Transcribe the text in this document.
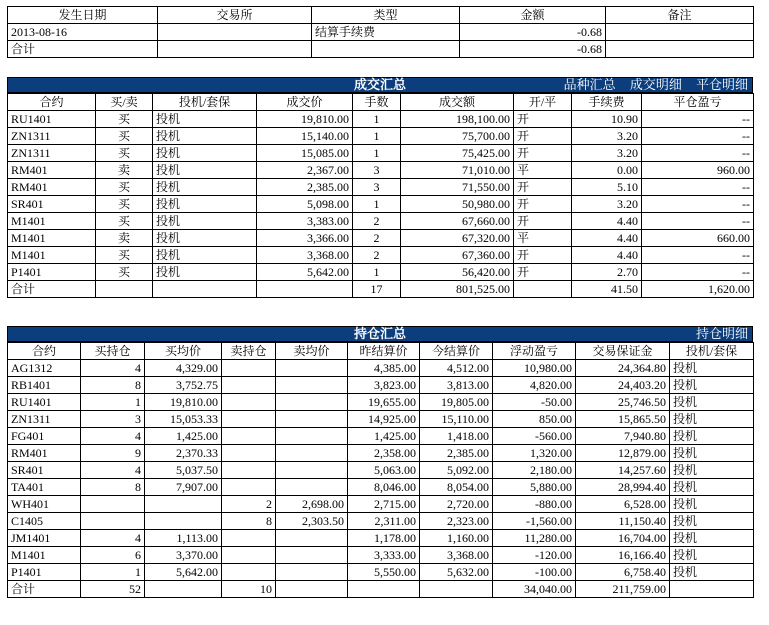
发生日期	交易所	类型	金额	备注
2013-08-16		结算手续费	-0.68	
合计			-0.68	
成交汇总	品种汇总 成交明细 平仓明细
合约	买/卖	投机/套保	成交价	手数	成交额	开/平	手续费	平仓盈亏
RU1401	买	投机	19,810.00	1	198,100.00	开	10.90	--
ZN1311	买	投机	15,140.00	1	75,700.00	开	3.20	--
ZN1311	买	投机	15,085.00	1	75,425.00	开	3.20	--
RM401	卖	投机	2,367.00	3	71,010.00	平	0.00	960.00
RM401	买	投机	2,385.00	3	71,550.00	开	5.10	--
SR401	买	投机	5,098.00	1	50,980.00	开	3.20	--
M1401	买	投机	3,383.00	2	67,660.00	开	4.40	--
M1401	卖	投机	3,366.00	2	67,320.00	平	4.40	660.00
M1401	买	投机	3,368.00	2	67,360.00	开	4.40	--
P1401	买	投机	5,642.00	1	56,420.00	开	2.70	--
合计				17	801,525.00		41.50	1,620.00
持仓汇总	持仓明细
合约	买持仓	买均价	卖持仓	卖均价	昨结算价	今结算价	浮动盈亏	交易保证金	投机/套保
AG1312	4	4,329.00			4,385.00	4,512.00	10,980.00	24,364.80	投机
RB1401	8	3,752.75			3,823.00	3,813.00	4,820.00	24,403.20	投机
RU1401	1	19,810.00			19,655.00	19,805.00	-50.00	25,746.50	投机
ZN1311	3	15,053.33			14,925.00	15,110.00	850.00	15,865.50	投机
FG401	4	1,425.00			1,425.00	1,418.00	-560.00	7,940.80	投机
RM401	9	2,370.33			2,358.00	2,385.00	1,320.00	12,879.00	投机
SR401	4	5,037.50			5,063.00	5,092.00	2,180.00	14,257.60	投机
TA401	8	7,907.00			8,046.00	8,054.00	5,880.00	28,994.40	投机
WH401			2	2,698.00	2,715.00	2,720.00	-880.00	6,528.00	投机
C1405			8	2,303.50	2,311.00	2,323.00	-1,560.00	11,150.40	投机
JM1401	4	1,113.00			1,178.00	1,160.00	11,280.00	16,704.00	投机
M1401	6	3,370.00			3,333.00	3,368.00	-120.00	16,166.40	投机
P1401	1	5,642.00			5,550.00	5,632.00	-100.00	6,758.40	投机
合计	52		10				34,040.00	211,759.00	
